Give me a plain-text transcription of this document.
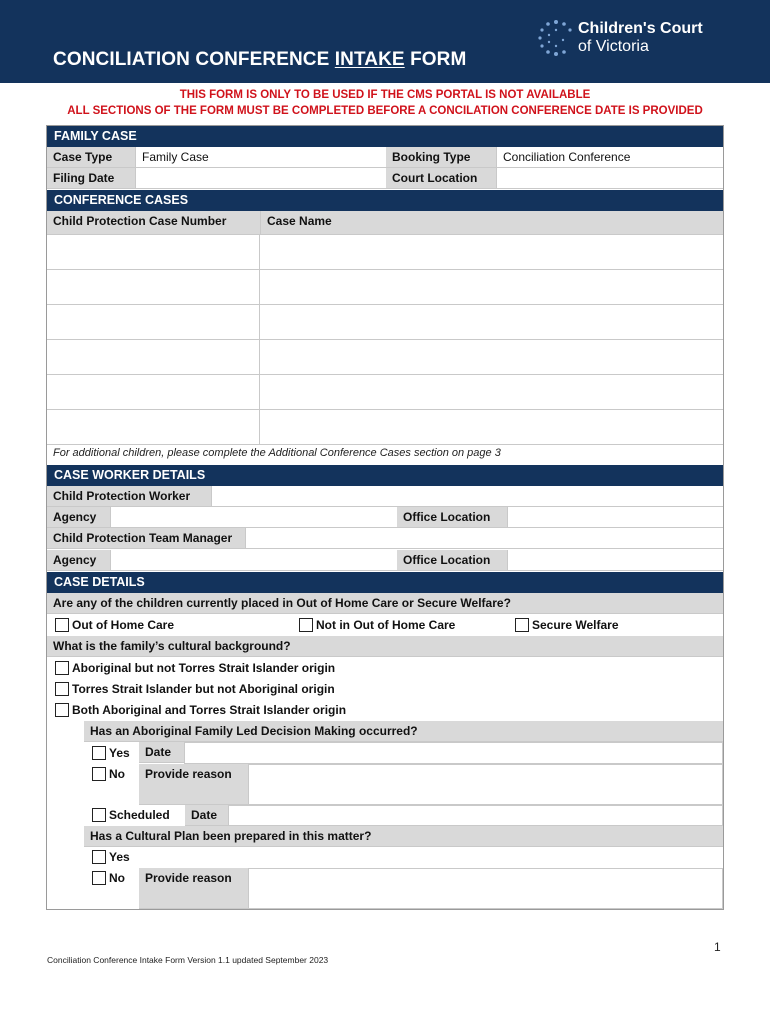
CONCILIATION CONFERENCE INTAKE FORM
Children's Court
of Victoria
THIS FORM IS ONLY TO BE USED IF THE CMS PORTAL IS NOT AVAILABLE
ALL SECTIONS OF THE FORM MUST BE COMPLETED BEFORE A CONCILATION CONFERENCE DATE IS PROVIDED
FAMILY CASE
Case Type	Family Case	Booking Type	Conciliation Conference
Filing Date	Court Location
CONFERENCE CASES
Child Protection Case Number	Case Name
For additional children, please complete the Additional Conference Cases section on page 3
CASE WORKER DETAILS
Child Protection Worker
Agency	Office Location
Child Protection Team Manager
Agency	Office Location
CASE DETAILS
Are any of the children currently placed in Out of Home Care or Secure Welfare?
Out of Home Care	Not in Out of Home Care	Secure Welfare
What is the family’s cultural background?
Aboriginal but not Torres Strait Islander origin
Torres Strait Islander but not Aboriginal origin
Both Aboriginal and Torres Strait Islander origin
Has an Aboriginal Family Led Decision Making occurred?
Yes	Date
No	Provide reason
Scheduled	Date
Has a Cultural Plan been prepared in this matter?
Yes
No	Provide reason
1
Conciliation Conference Intake Form Version 1.1 updated September 2023
